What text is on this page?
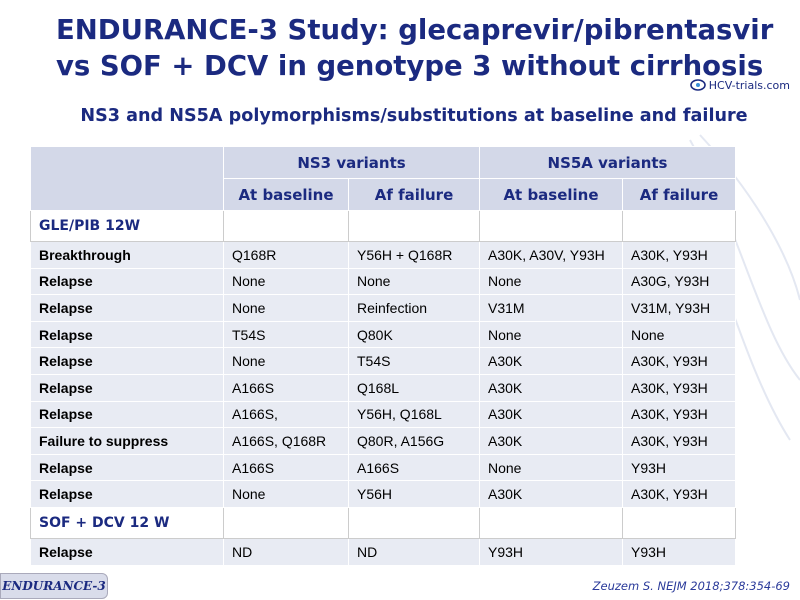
ENDURANCE-3 Study: glecaprevir/pibrentasvir
vs SOF + DCV in genotype 3 without cirrhosis
HCV-trials.com
NS3 and NS5A polymorphisms/substitutions at baseline and failure
	NS3 variants		NS5A variants	
	At baseline	Af failure	At baseline	Af failure
GLE/PIB 12W				
Breakthrough	Q168R	Y56H + Q168R	A30K, A30V, Y93H	A30K, Y93H
Relapse	None	None	None	A30G, Y93H
Relapse	None	Reinfection	V31M	V31M, Y93H
Relapse	T54S	Q80K	None	None
Relapse	None	T54S	A30K	A30K, Y93H
Relapse	A166S	Q168L	A30K	A30K, Y93H
Relapse	A166S,	Y56H, Q168L	A30K	A30K, Y93H
Failure to suppress	A166S, Q168R	Q80R, A156G	A30K	A30K, Y93H
Relapse	A166S	A166S	None	Y93H
Relapse	None	Y56H	A30K	A30K, Y93H
SOF + DCV 12 W				
Relapse	ND	ND	Y93H	Y93H
ENDURANCE-3	Zeuzem S. NEJM 2018;378:354-69
